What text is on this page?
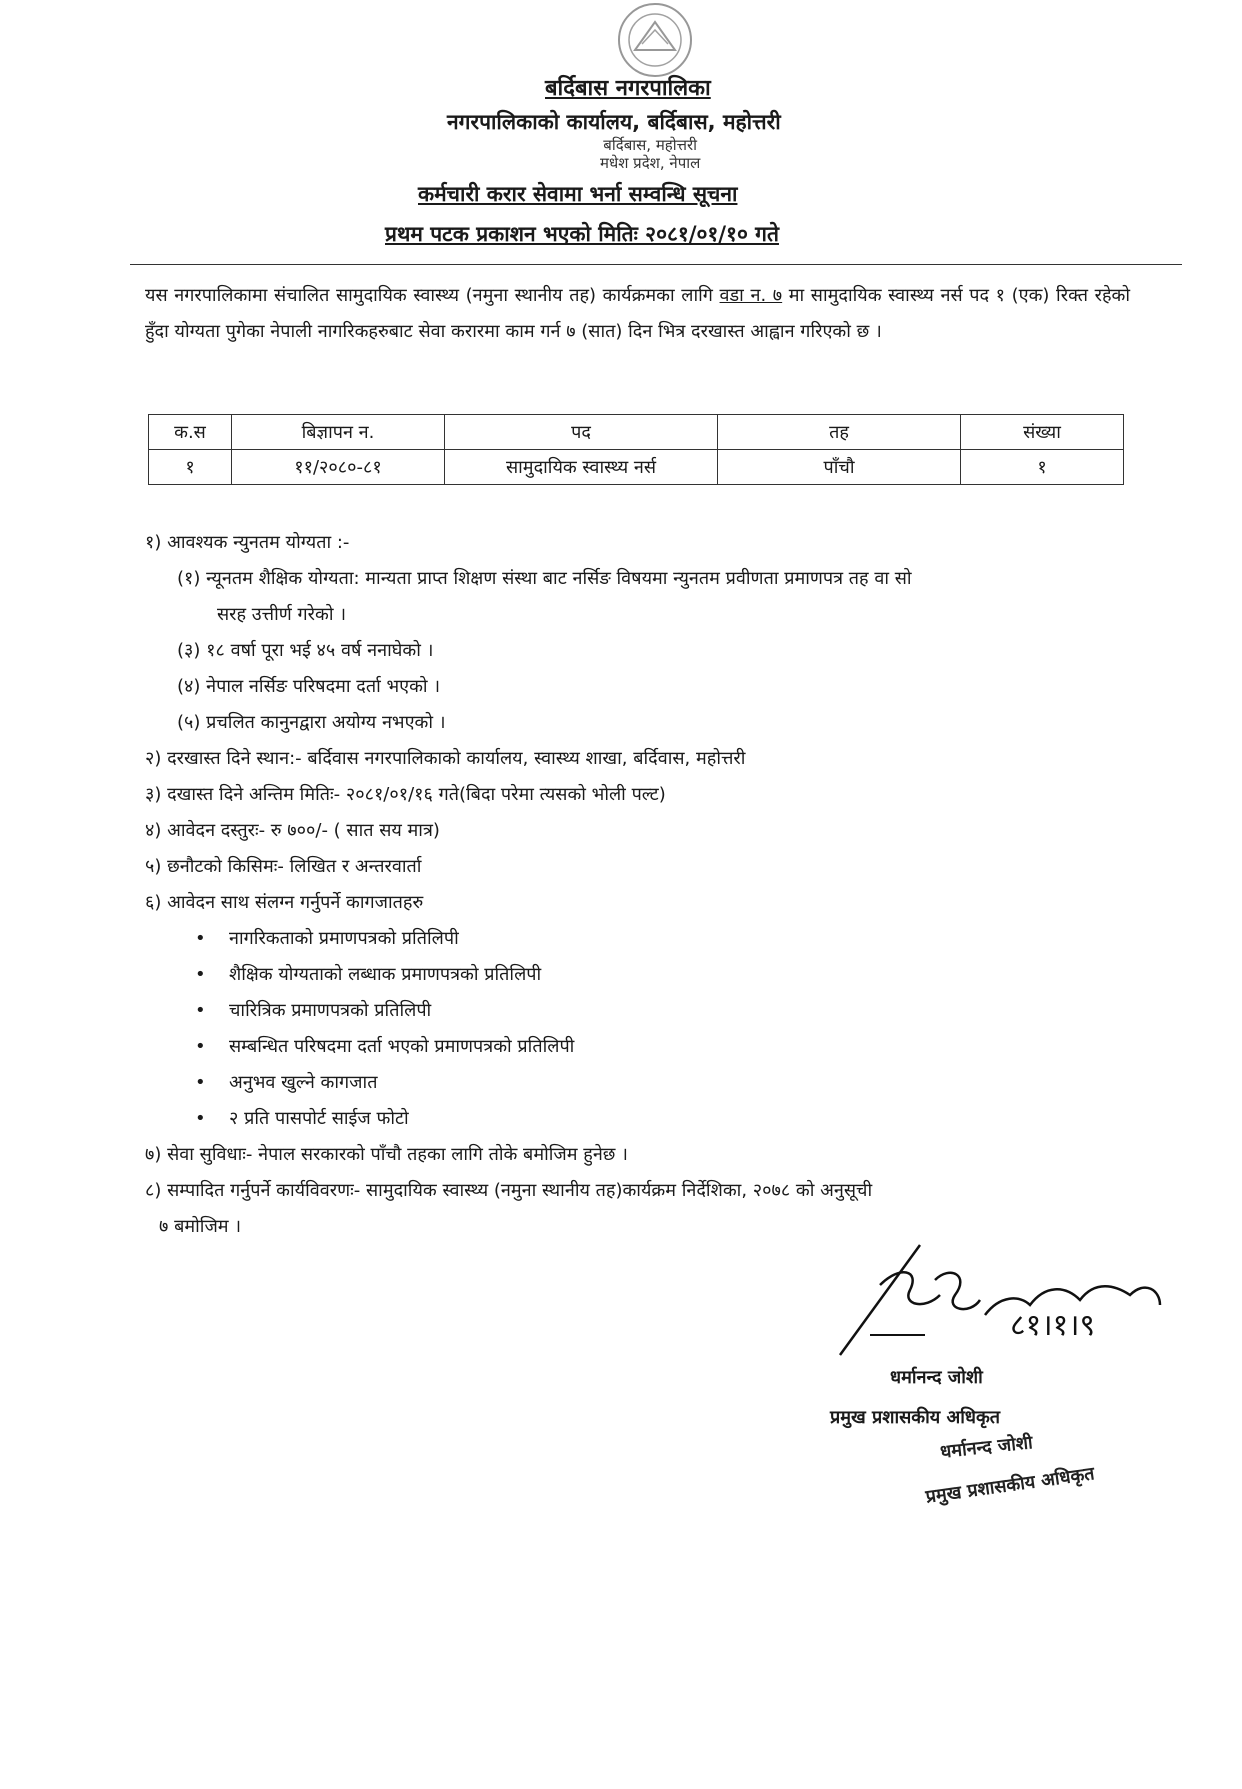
बर्दिबास नगरपालिका
नगरपालिकाको कार्यालय, बर्दिबास, महोत्तरी
बर्दिबास, महोत्तरी
मधेश प्रदेश, नेपाल
कर्मचारी करार सेवामा भर्ना सम्वन्धि सूचना
प्रथम पटक प्रकाशन भएको मितिः २०८१/०१/१० गते
यस नगरपालिकामा संचालित सामुदायिक स्वास्थ्य (नमुना स्थानीय तह) कार्यक्रमका लागि वडा न. ७ मा सामुदायिक स्वास्थ्य नर्स पद १ (एक) रिक्त रहेको हुँदा योग्यता पुगेका नेपाली नागरिकहरुबाट सेवा करारमा काम गर्न ७ (सात) दिन भित्र दरखास्त आह्वान गरिएको छ ।
क.स	बिज्ञापन न.	पद	तह	संख्या
१	११/२०८०-८१	सामुदायिक स्वास्थ्य नर्स	पाँचौ	१
१) आवश्यक न्युनतम योग्यता :-
(१) न्यूनतम शैक्षिक योग्यता: मान्यता प्राप्त शिक्षण संस्था बाट नर्सिङ विषयमा न्युनतम प्रवीणता प्रमाणपत्र तह वा सो
सरह उत्तीर्ण गरेको ।
(३) १८ वर्षा पूरा भई ४५ वर्ष ननाघेको ।
(४) नेपाल नर्सिङ परिषदमा दर्ता भएको ।
(५) प्रचलित कानुनद्वारा अयोग्य नभएको ।
२) दरखास्त दिने स्थान:- बर्दिवास नगरपालिकाको कार्यालय, स्वास्थ्य शाखा, बर्दिवास, महोत्तरी
३) दखास्त दिने अन्तिम मितिः- २०८१/०१/१६ गते(बिदा परेमा त्यसको भोली पल्ट)
४) आवेदन दस्तुरः- रु ७००/- ( सात सय मात्र)
५) छनौटको किसिमः- लिखित र अन्तरवार्ता
६) आवेदन साथ संलग्न गर्नुपर्ने कागजातहरु
• नागरिकताको प्रमाणपत्रको प्रतिलिपी
• शैक्षिक योग्यताको लब्धाक प्रमाणपत्रको प्रतिलिपी
• चारित्रिक प्रमाणपत्रको प्रतिलिपी
• सम्बन्धित परिषदमा दर्ता भएको प्रमाणपत्रको प्रतिलिपी
• अनुभव खुल्ने कागजात
• २ प्रति पासपोर्ट साईज फोटो
७) सेवा सुविधाः- नेपाल सरकारको पाँचौ तहका लागि तोके बमोजिम हुनेछ ।
८) सम्पादित गर्नुपर्ने कार्यविवरणः- सामुदायिक स्वास्थ्य (नमुना स्थानीय तह)कार्यक्रम निर्देशिका, २०७८ को अनुसूची
७ बमोजिम ।
८१।१।९
धर्मानन्द जोशी
प्रमुख प्रशासकीय अधिकृत
धर्मानन्द जोशी
प्रमुख प्रशासकीय अधिकृत
